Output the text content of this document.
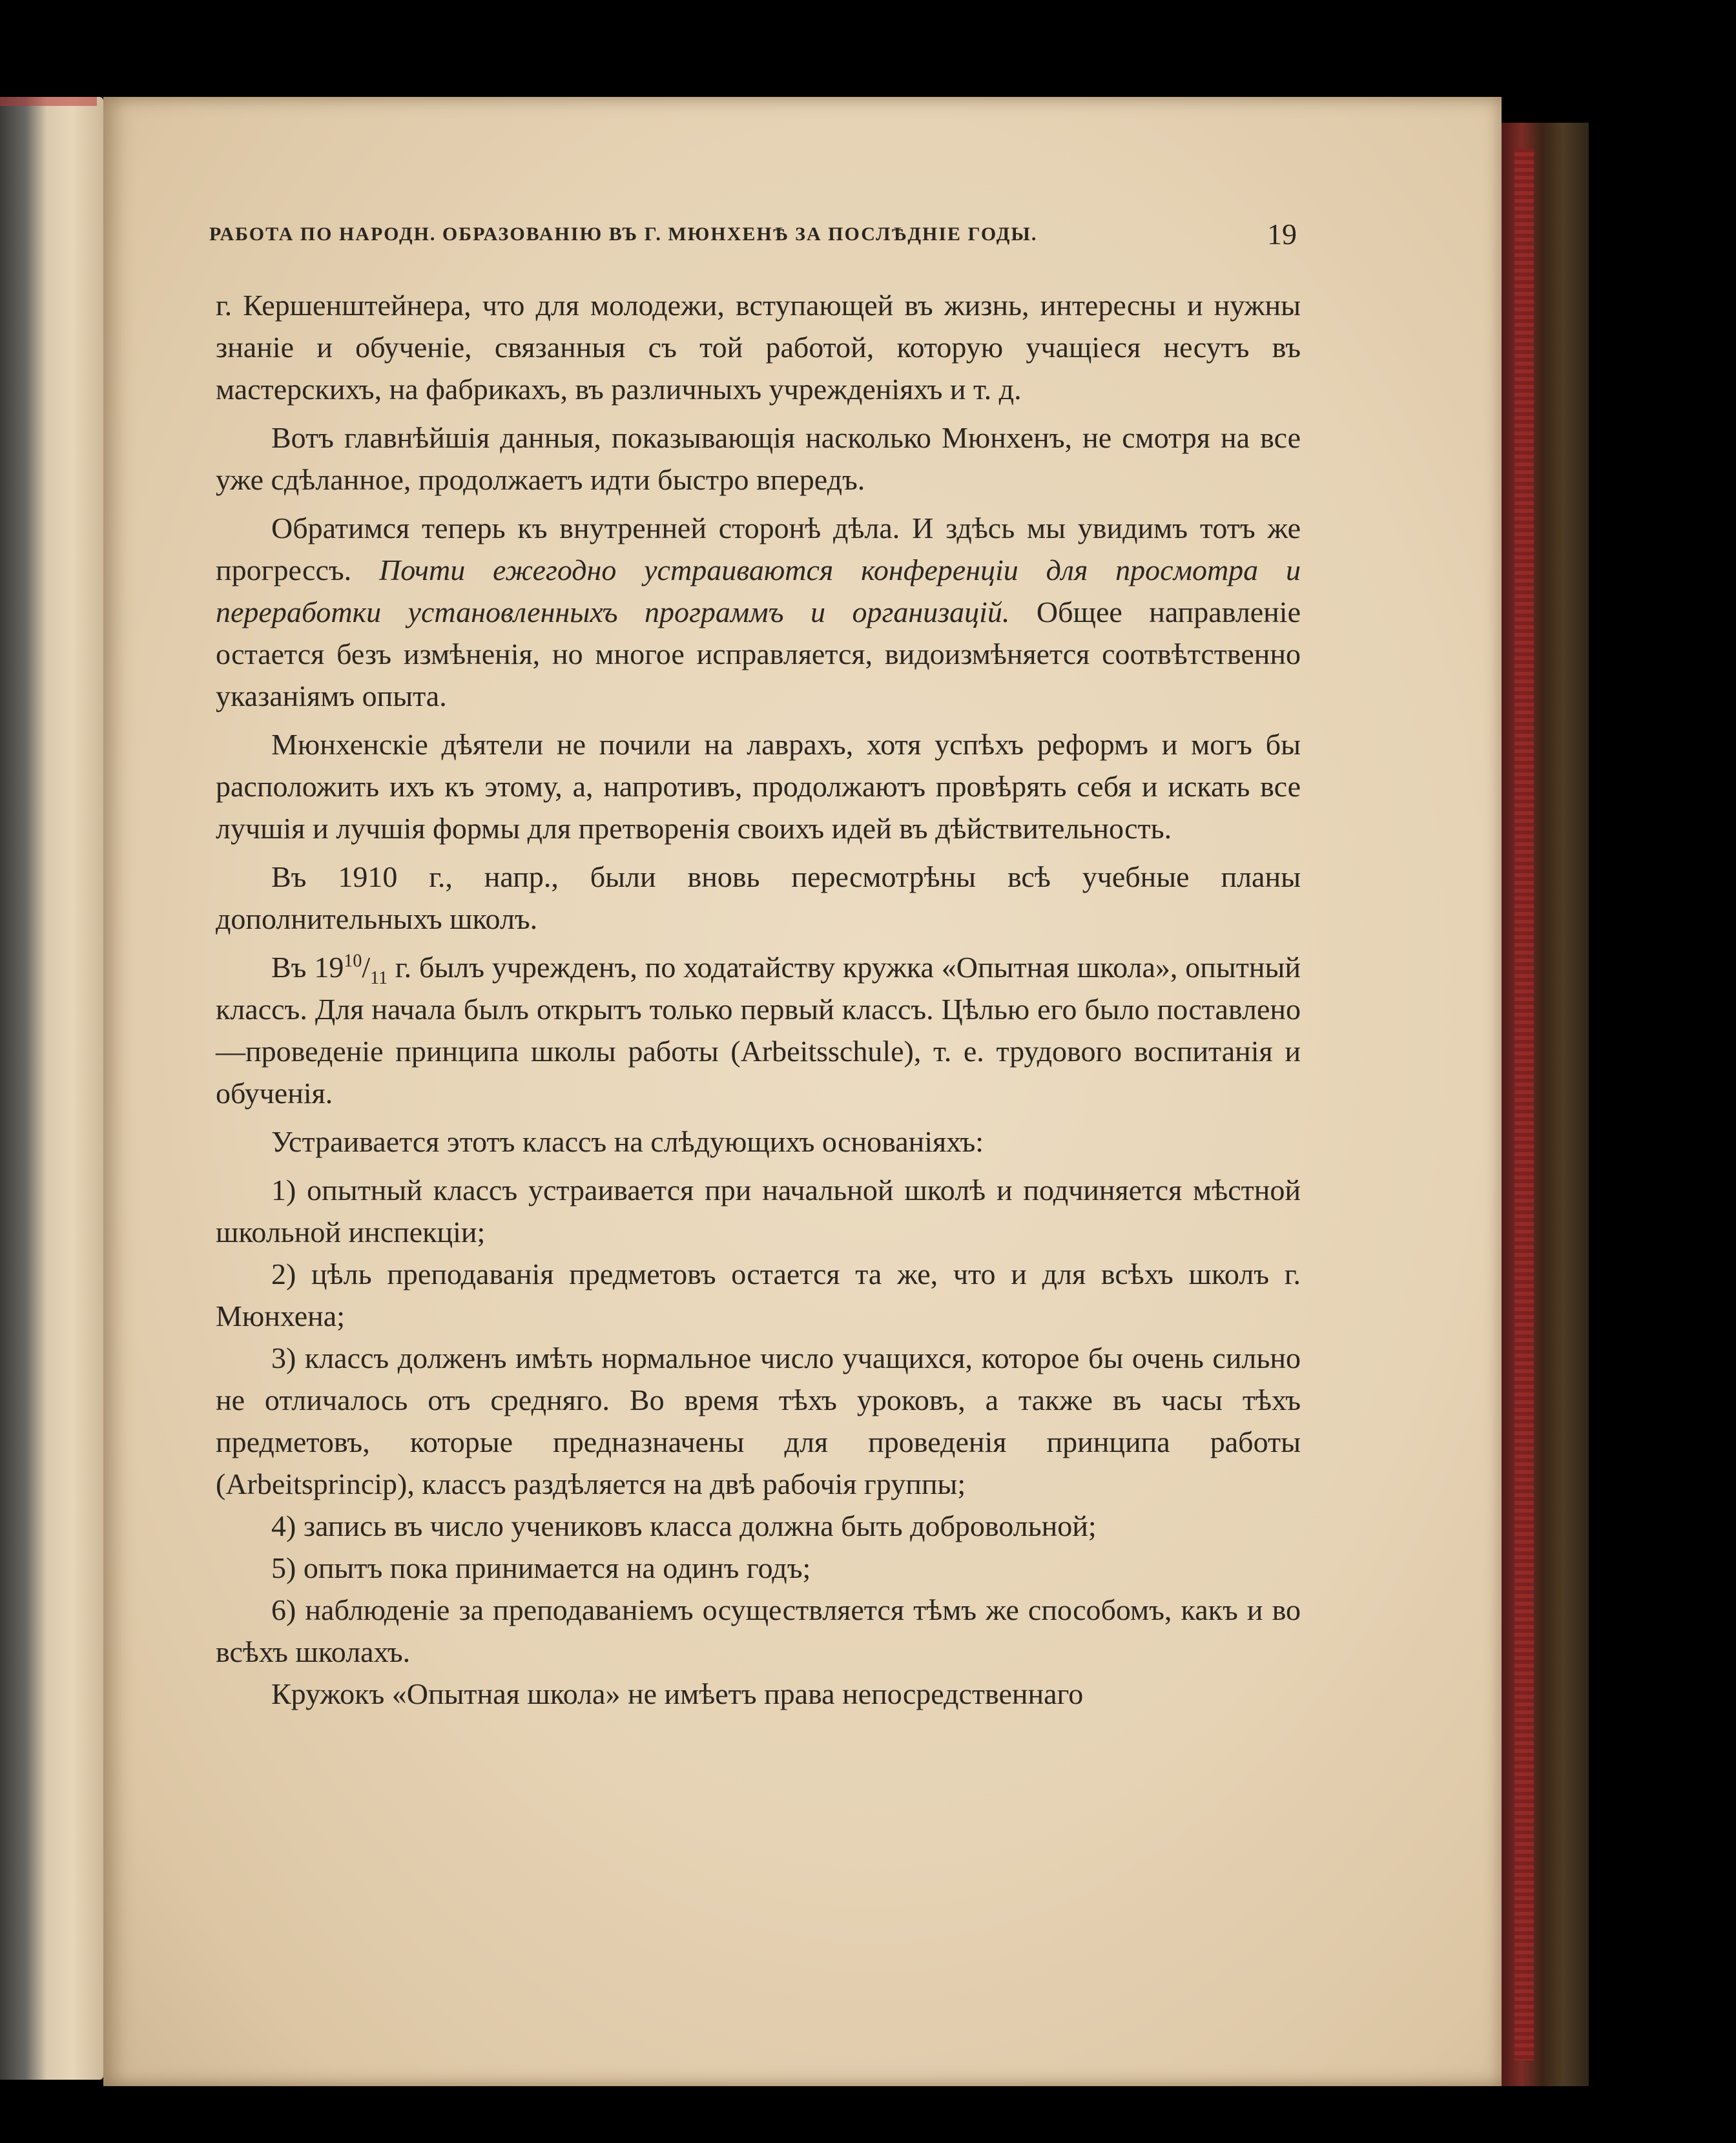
РАБОТА ПО НАРОДН. ОБРАЗОВАНІЮ ВЪ Г. МЮНХЕНѢ ЗА ПОСЛѢДНІЕ ГОДЫ.	19

г. Кершенштейнера, что для молодежи, вступающей въ жизнь, интересны и нужны знаніе и обученіе, связанныя съ той работой, которую учащіеся несутъ въ мастерскихъ, на фабрикахъ, въ различныхъ учрежденіяхъ и т. д.

Вотъ главнѣйшія данныя, показывающія насколько Мюнхенъ, не смотря на все уже сдѣланное, продолжаетъ идти быстро впередъ.

Обратимся теперь къ внутренней сторонѣ дѣла. И здѣсь мы увидимъ тотъ же прогрессъ. Почти ежегодно устраиваются конференціи для просмотра и переработки установленныхъ программъ и организацій. Общее направленіе остается безъ измѣненія, но многое исправляется, видоизмѣняется соотвѣтственно указаніямъ опыта.

Мюнхенскіе дѣятели не почили на лаврахъ, хотя успѣхъ реформъ и могъ бы расположить ихъ къ этому, а, напротивъ, продолжаютъ провѣрять себя и искать все лучшія и лучшія формы для претворенія своихъ идей въ дѣйствительность.

Въ 1910 г., напр., были вновь пересмотрѣны всѣ учебные планы дополнительныхъ школъ.

Въ $19^{10}/_{11}$ г. былъ учрежденъ, по ходатайству кружка «Опытная школа», опытный классъ. Для начала былъ открытъ только первый классъ. Цѣлью его было поставлено—проведеніе принципа школы работы (Arbeitsschule), т. е. трудового воспитанія и обученія.

Устраивается этотъ классъ на слѣдующихъ основаніяхъ:

1) опытный классъ устраивается при начальной школѣ и подчиняется мѣстной школьной инспекціи;

2) цѣль преподаванія предметовъ остается та же, что и для всѣхъ школъ г. Мюнхена;

3) классъ долженъ имѣть нормальное число учащихся, которое бы очень сильно не отличалось отъ средняго. Во время тѣхъ уроковъ, а также въ часы тѣхъ предметовъ, которые предназначены для проведенія принципа работы (Arbeitsprincip), классъ раздѣляется на двѣ рабочія группы;

4) запись въ число учениковъ класса должна быть добровольной;

5) опытъ пока принимается на одинъ годъ;

6) наблюденіе за преподаваніемъ осуществляется тѣмъ же способомъ, какъ и во всѣхъ школахъ.

Кружокъ «Опытная школа» не имѣетъ права непосредственнаго
